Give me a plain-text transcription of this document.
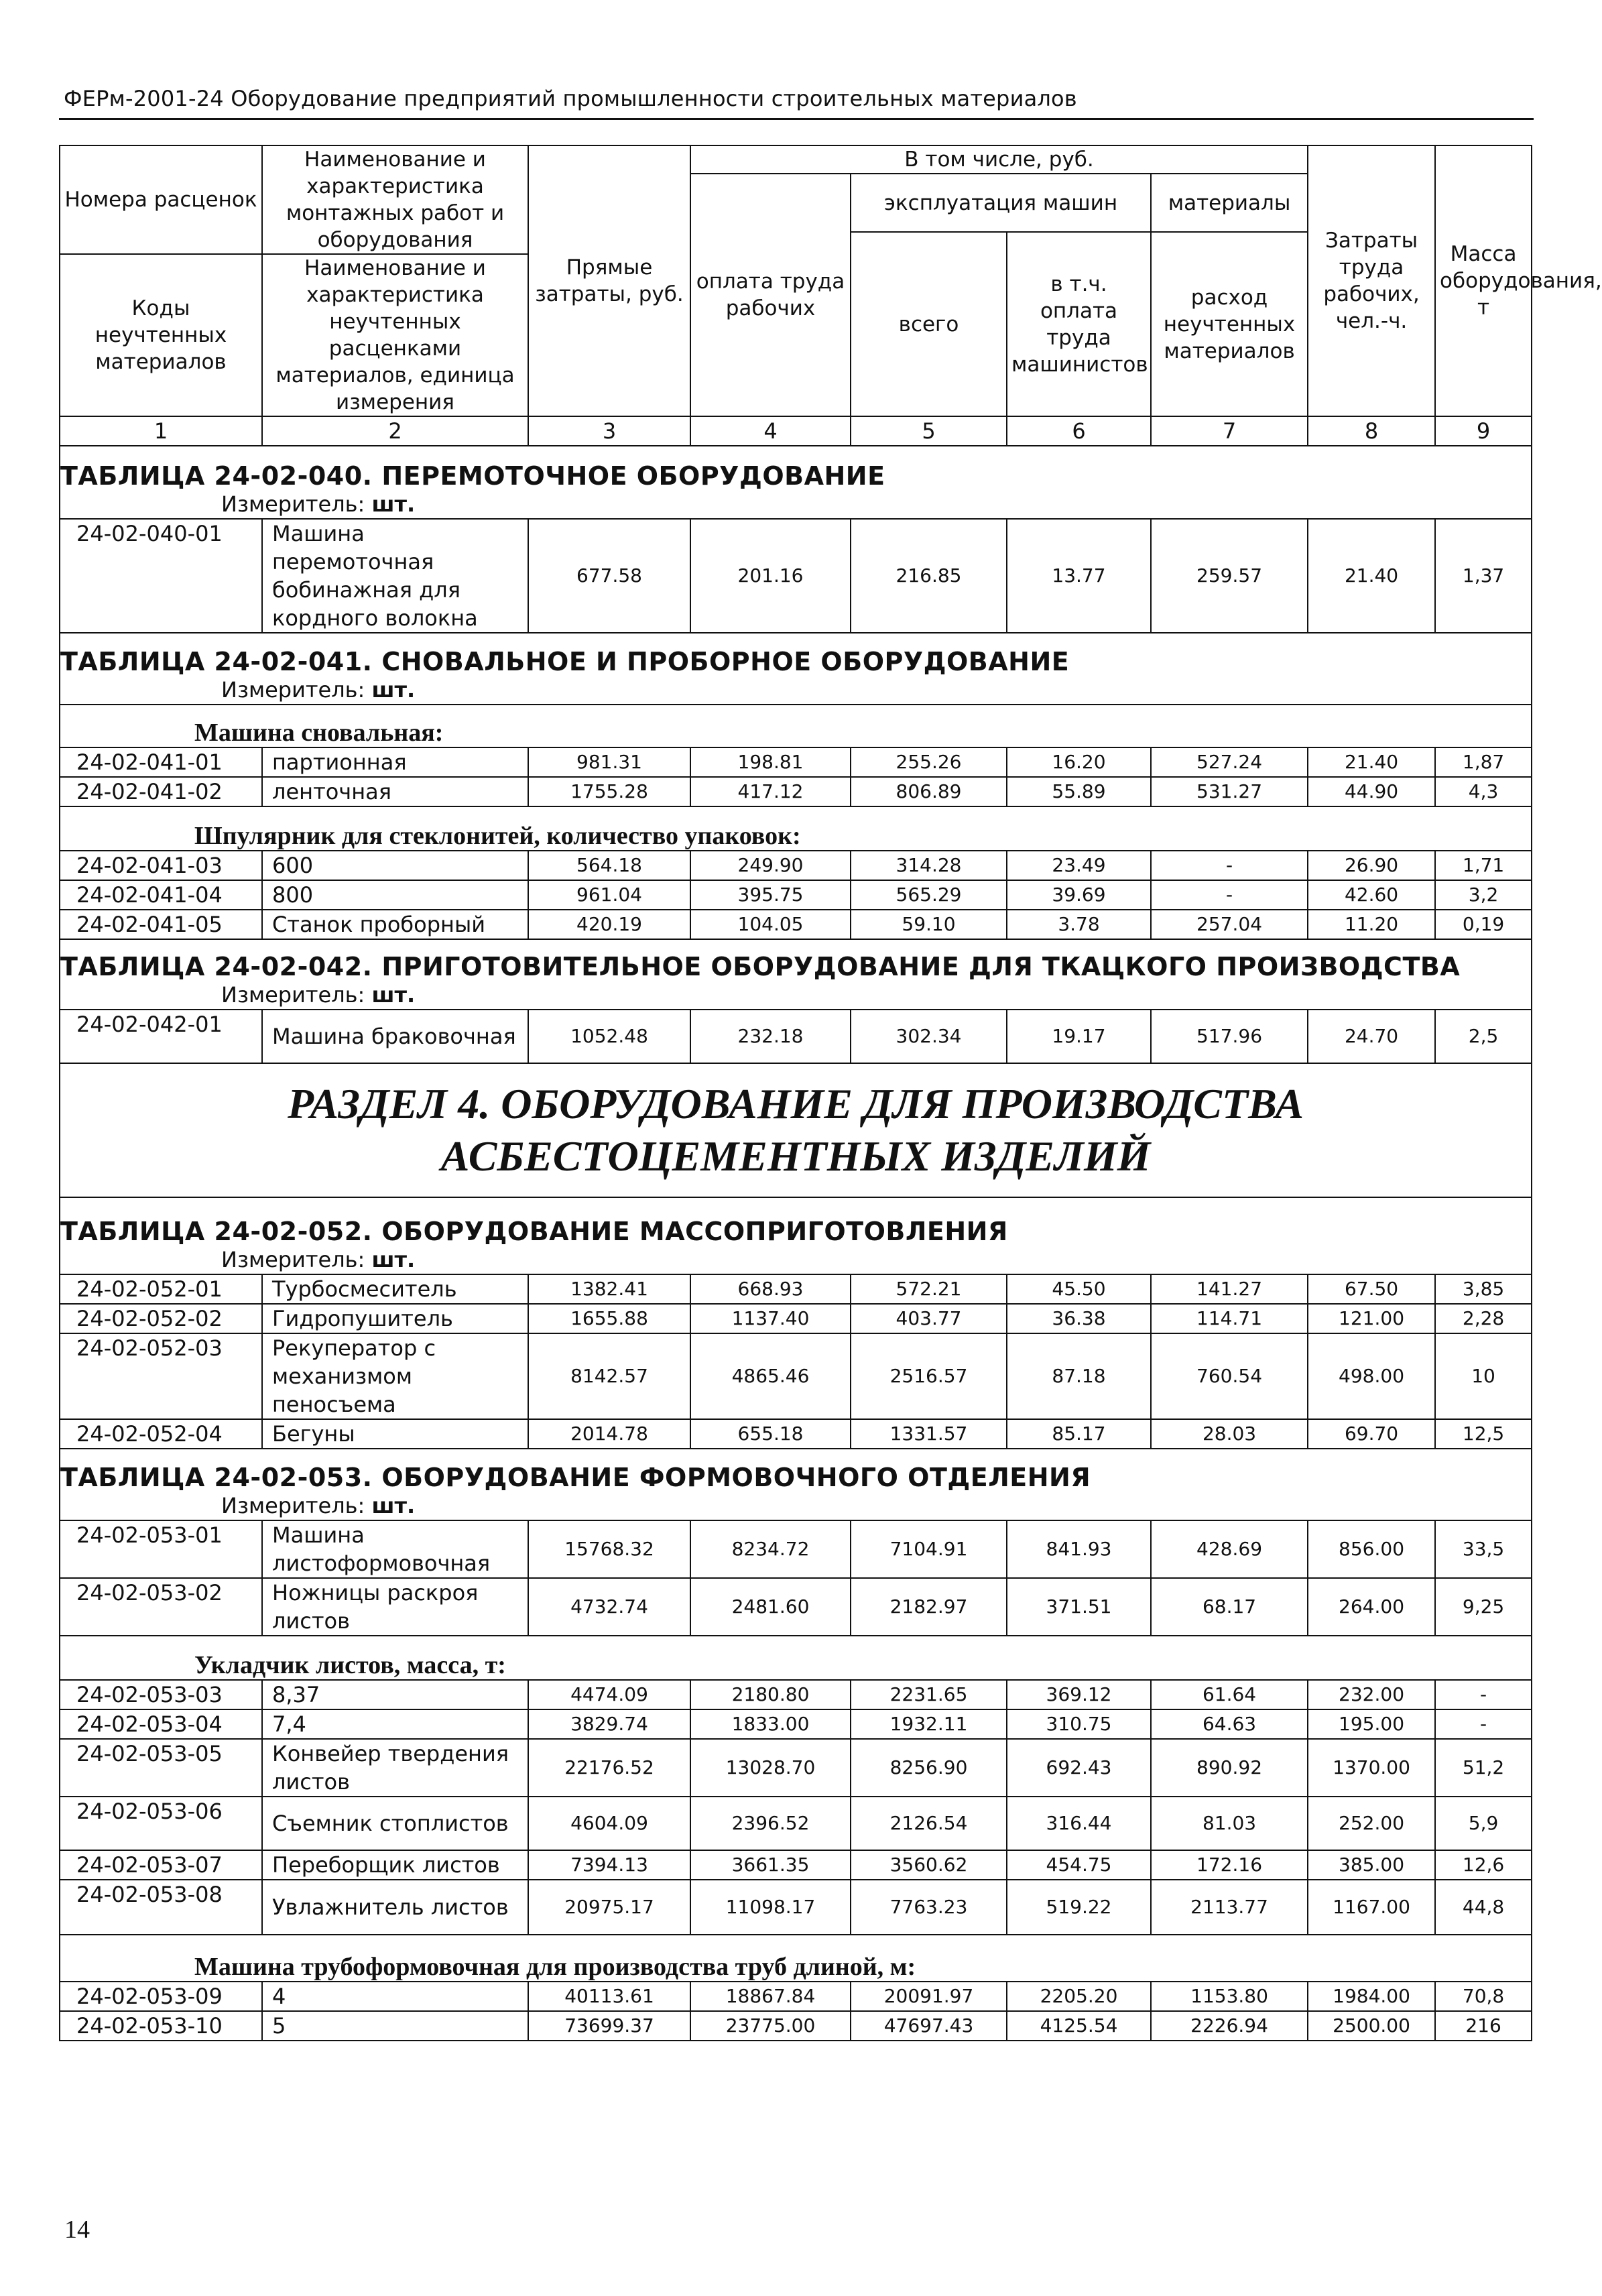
ФЕРм-2001-24 Оборудование предприятий промышленности строительных материалов
Номера расценок	Наименование и характеристика монтажных работ и оборудования	Прямые затраты, руб.	В том числе, руб.				Затраты труда рабочих, чел.-ч.	Масса оборудования, т
			оплата труда рабочих	эксплуатация машин		материалы		
				всего	в т.ч. оплата труда машинистов	расход неучтенных материалов		
Коды неучтенных материалов	Наименование и характеристика неучтенных расценками материалов, единица измерения							

1	2	3	4	5	6	7	8	9
ТАБЛИЦА 24-02-040. ПЕРЕМОТОЧНОЕ ОБОРУДОВАНИЕ								
Измеритель: шт.								
24-02-040-01	Машина перемоточная бобинажная для кордного волокна	677.58	201.16	216.85	13.77	259.57	21.40	1,37
ТАБЛИЦА 24-02-041. СНОВАЛЬНОЕ И ПРОБОРНОЕ ОБОРУДОВАНИЕ								
Измеритель: шт.								
Машина сновальная:								
24-02-041-01	партионная	981.31	198.81	255.26	16.20	527.24	21.40	1,87
24-02-041-02	ленточная	1755.28	417.12	806.89	55.89	531.27	44.90	4,3
Шпулярник для стеклонитей, количество упаковок:								
24-02-041-03	600	564.18	249.90	314.28	23.49	-	26.90	1,71
24-02-041-04	800	961.04	395.75	565.29	39.69	-	42.60	3,2
24-02-041-05	Станок проборный	420.19	104.05	59.10	3.78	257.04	11.20	0,19
ТАБЛИЦА 24-02-042. ПРИГОТОВИТЕЛЬНОЕ ОБОРУДОВАНИЕ ДЛЯ ТКАЦКОГО ПРОИЗВОДСТВА								
Измеритель: шт.								
24-02-042-01	Машина браковочная	1052.48	232.18	302.34	19.17	517.96	24.70	2,5
РАЗДЕЛ 4. ОБОРУДОВАНИЕ ДЛЯ ПРОИЗВОДСТВА АСБЕСТОЦЕМЕНТНЫХ ИЗДЕЛИЙ								
ТАБЛИЦА 24-02-052. ОБОРУДОВАНИЕ МАССОПРИГОТОВЛЕНИЯ								
Измеритель: шт.								
24-02-052-01	Турбосмеситель	1382.41	668.93	572.21	45.50	141.27	67.50	3,85
24-02-052-02	Гидропушитель	1655.88	1137.40	403.77	36.38	114.71	121.00	2,28
24-02-052-03	Рекуператор с механизмом пеносъема	8142.57	4865.46	2516.57	87.18	760.54	498.00	10
24-02-052-04	Бегуны	2014.78	655.18	1331.57	85.17	28.03	69.70	12,5
ТАБЛИЦА 24-02-053. ОБОРУДОВАНИЕ ФОРМОВОЧНОГО ОТДЕЛЕНИЯ								
Измеритель: шт.								
24-02-053-01	Машина листоформовочная	15768.32	8234.72	7104.91	841.93	428.69	856.00	33,5
24-02-053-02	Ножницы раскроя листов	4732.74	2481.60	2182.97	371.51	68.17	264.00	9,25
Укладчик листов, масса, т:								
24-02-053-03	8,37	4474.09	2180.80	2231.65	369.12	61.64	232.00	-
24-02-053-04	7,4	3829.74	1833.00	1932.11	310.75	64.63	195.00	-
24-02-053-05	Конвейер твердения листов	22176.52	13028.70	8256.90	692.43	890.92	1370.00	51,2
24-02-053-06	Съемник стоплистов	4604.09	2396.52	2126.54	316.44	81.03	252.00	5,9
24-02-053-07	Переборщик листов	7394.13	3661.35	3560.62	454.75	172.16	385.00	12,6
24-02-053-08	Увлажнитель листов	20975.17	11098.17	7763.23	519.22	2113.77	1167.00	44,8
Машина трубоформовочная для производства труб длиной, м:								
24-02-053-09	4	40113.61	18867.84	20091.97	2205.20	1153.80	1984.00	70,8
24-02-053-10	5	73699.37	23775.00	47697.43	4125.54	2226.94	2500.00	216
14
